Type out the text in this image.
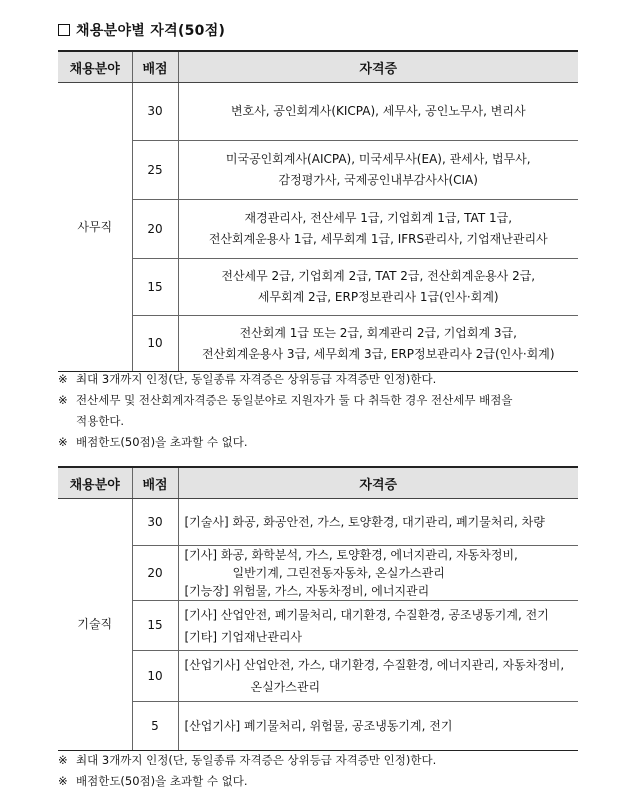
채용분야별 자격(50점)
채용분야	배점	자격증
사무직	30	변호사, 공인회계사(KICPA), 세무사, 공인노무사, 변리사
	25	미국공인회계사(AICPA), 미국세무사(EA), 관세사, 법무사,
감정평가사, 국제공인내부감사사(CIA)
	20	재경관리사, 전산세무 1급, 기업회계 1급, TAT 1급,
전산회계운용사 1급, 세무회계 1급, IFRS관리사, 기업재난관리사
	15	전산세무 2급, 기업회계 2급, TAT 2급, 전산회계운용사 2급,
세무회계 2급, ERP정보관리사 1급(인사·회계)
	10	전산회계 1급 또는 2급, 회계관리 2급, 기업회계 3급,
전산회계운용사 3급, 세무회계 3급, ERP정보관리사 2급(인사·회계)
※ 최대 3개까지 인정(단, 동일종류 자격증은 상위등급 자격증만 인정)한다.
※ 전산세무 및 전산회계자격증은 동일분야로 지원자가 둘 다 취득한 경우 전산세무 배점을
적용한다.
※ 배점한도(50점)을 초과할 수 없다.
채용분야	배점	자격증
기술직	30	[기술사] 화공, 화공안전, 가스, 토양환경, 대기관리, 폐기물처리, 차량
	20	[기사] 화공, 화학분석, 가스, 토양환경, 에너지관리, 자동차정비,
일반기계, 그린전동자동차, 온실가스관리
[기능장] 위험물, 가스, 자동차정비, 에너지관리
	15	[기사] 산업안전, 폐기물처리, 대기환경, 수질환경, 공조냉동기계, 전기
[기타] 기업재난관리사
	10	[산업기사] 산업안전, 가스, 대기환경, 수질환경, 에너지관리, 자동차정비,
온실가스관리

	5	[산업기사] 폐기물처리, 위험물, 공조냉동기계, 전기
※ 최대 3개까지 인정(단, 동일종류 자격증은 상위등급 자격증만 인정)한다.
※ 배점한도(50점)을 초과할 수 없다.
